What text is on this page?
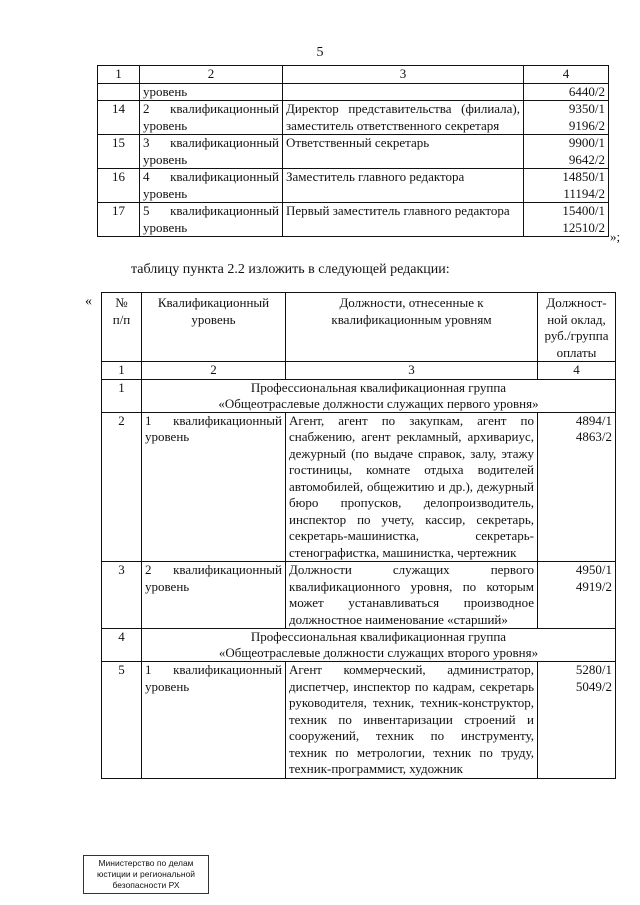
5
1	2	3	4
	уровень		6440/2
14	2 квалификационный уровень	Директор представительства (филиала), заместитель ответственного секретаря	9350/1
9196/2
15	3 квалификационный уровень	Ответственный секретарь	9900/1
9642/2
16	4 квалификационный уровень	Заместитель главного редактора	14850/1
11194/2
17	5 квалификационный уровень	Первый заместитель главного редактора	15400/1
12510/2
»;
таблицу пункта 2.2 изложить в следующей редакции:
« №
п/п	Квалификационный уровень	Должности, отнесенные к квалификационным уровням	Должност-
ной оклад,
руб./группа
оплаты
1	2	3	4
1	Профессиональная квалификационная группа
«Общеотраслевые должности служащих первого уровня»		
2	1 квалификационный уровень	Агент, агент по закупкам, агент по снабжению, агент рекламный, архивариус, дежурный (по выдаче справок, залу, этажу гостиницы, комнате отдыха водителей автомобилей, общежитию и др.), дежурный бюро пропусков, делопроизводитель, инспектор по учету, кассир, секретарь, секретарь-машинистка, секретарь-стенографистка, машинистка, чертежник	4894/1
4863/2
3	2 квалификационный уровень	Должности служащих первого квалификационного уровня, по которым может устанавливаться производное должностное наименование «старший»	4950/1
4919/2
4	Профессиональная квалификационная группа
«Общеотраслевые должности служащих второго уровня»		
5	1 квалификационный уровень	Агент коммерческий, администратор, диспетчер, инспектор по кадрам, секретарь руководителя, техник, техник-конструктор, техник по инвентаризации строений и сооружений, техник по инструменту, техник по метрологии, техник по труду, техник-программист, художник	5280/1
5049/2
Министерство по делам
юстиции и региональной
безопасности РХ
